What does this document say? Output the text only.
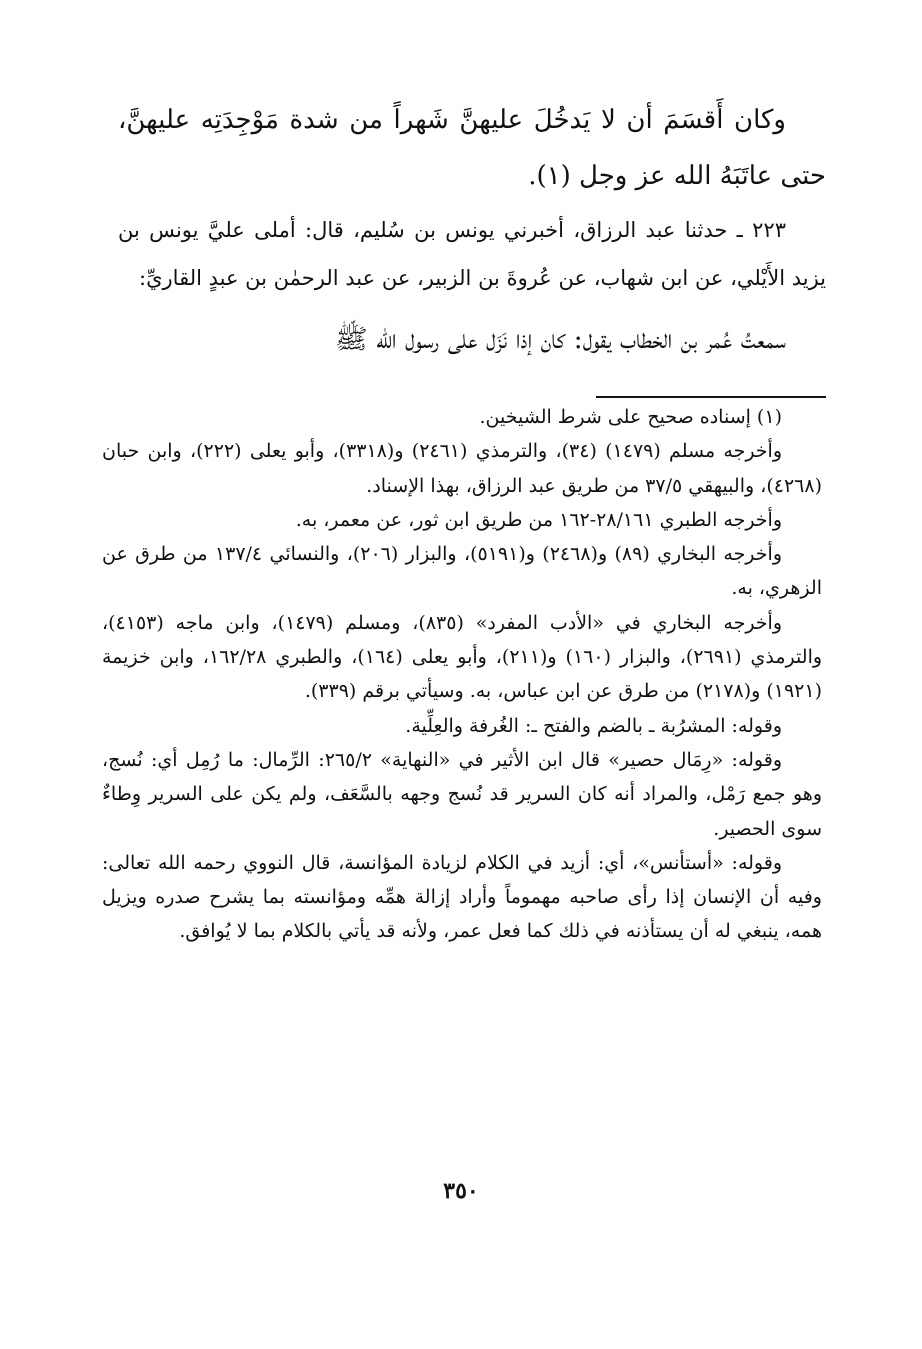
وكان أَقسَمَ أن لا يَدخُلَ عليهنَّ شَهراً من شدة مَوْجِدَتِه عليهنَّ، حتى عاتَبَهُ الله عز وجل (١).

٢٢٣ ـ حدثنا عبد الرزاق، أخبرني يونس بن سُليم، قال: أملى عليَّ يونس بن يزيد الأَيْلي، عن ابن شهاب، عن عُروةَ بن الزبير، عن عبد الرحمٰن بن عبدٍ القاريِّ:

سمعتُ عُمر بن الخطاب يقول: كان إذا نَزَل على رسول الله ﷺ

(١) إسناده صحيح على شرط الشيخين.

وأخرجه مسلم (١٤٧٩) (٣٤)، والترمذي (٢٤٦١) و(٣٣١٨)، وأبو يعلى (٢٢٢)، وابن حبان (٤٢٦٨)، والبيهقي ٣٧/٥ من طريق عبد الرزاق، بهذا الإسناد.

وأخرجه الطبري ٢٨/١٦١-١٦٢ من طريق ابن ثور، عن معمر، به.

وأخرجه البخاري (٨٩) و(٢٤٦٨) و(٥١٩١)، والبزار (٢٠٦)، والنسائي ١٣٧/٤ من طرق عن الزهري، به.

وأخرجه البخاري في «الأدب المفرد» (٨٣٥)، ومسلم (١٤٧٩)، وابن ماجه (٤١٥٣)، والترمذي (٢٦٩١)، والبزار (١٦٠) و(٢١١)، وأبو يعلى (١٦٤)، والطبري ١٦٢/٢٨، وابن خزيمة (١٩٢١) و(٢١٧٨) من طرق عن ابن عباس، به. وسيأتي برقم (٣٣٩).

وقوله: المشرُبة ـ بالضم والفتح ـ: الغُرفة والعِلِّية.

وقوله: «رِمَال حصير» قال ابن الأثير في «النهاية» ٢٦٥/٢: الرِّمال: ما رُمِل أي: نُسج، وهو جمع رَمْل، والمراد أنه كان السرير قد نُسج وجهه بالسَّعَف، ولم يكن على السرير وِطاءٌ سوى الحصير.

وقوله: «أستأنس»، أي: أزيد في الكلام لزيادة المؤانسة، قال النووي رحمه الله تعالى: وفيه أن الإنسان إذا رأى صاحبه مهموماً وأراد إزالة همِّه ومؤانسته بما يشرح صدره ويزيل همه، ينبغي له أن يستأذنه في ذلك كما فعل عمر، ولأنه قد يأتي بالكلام بما لا يُوافق.

٣٥٠
